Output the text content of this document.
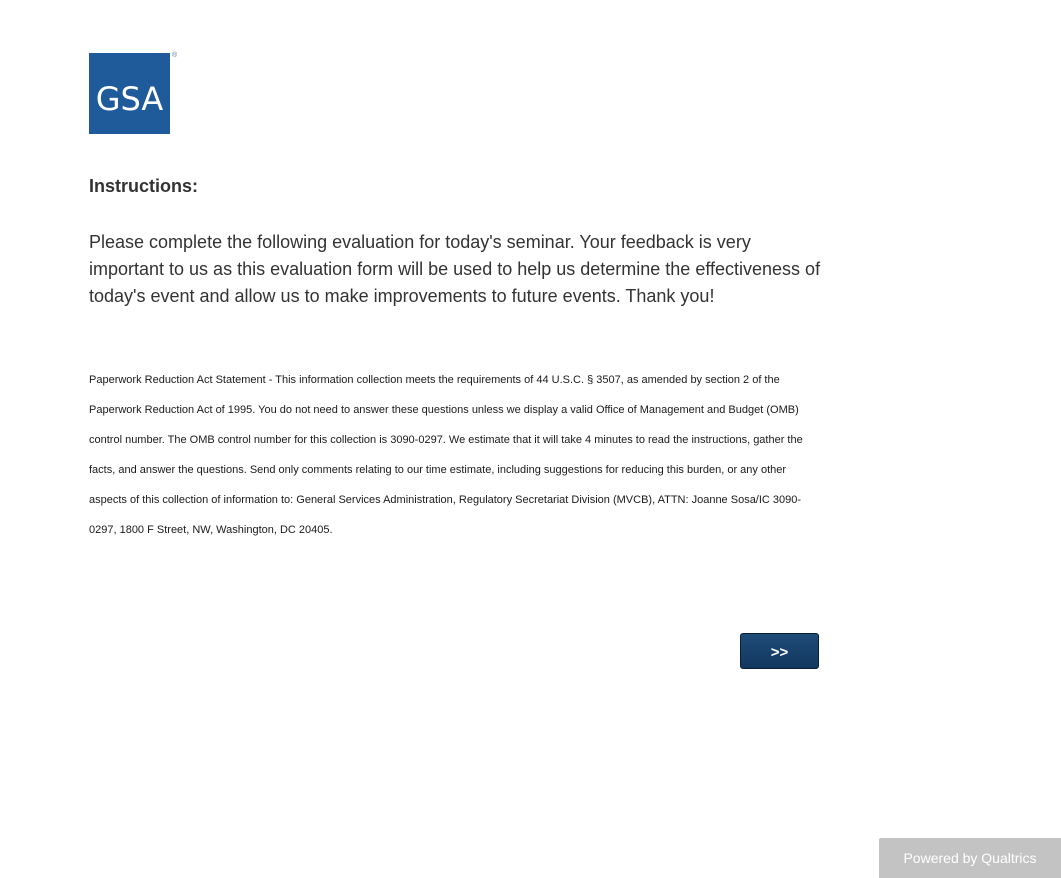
GSA
®
Instructions:

Please complete the following evaluation for today's seminar. Your feedback is very important to us as this evaluation form will be used to help us determine the effectiveness of today's event and allow us to make improvements to future events. Thank you!

Paperwork Reduction Act Statement - This information collection meets the requirements of 44 U.S.C. § 3507, as amended by section 2 of the Paperwork Reduction Act of 1995. You do not need to answer these questions unless we display a valid Office of Management and Budget (OMB) control number. The OMB control number for this collection is 3090-0297. We estimate that it will take 4 minutes to read the instructions, gather the facts, and answer the questions. Send only comments relating to our time estimate, including suggestions for reducing this burden, or any other aspects of this collection of information to: General Services Administration, Regulatory Secretariat Division (MVCB), ATTN: Joanne Sosa/IC 3090-0297, 1800 F Street, NW, Washington, DC 20405.

>>
Powered by Qualtrics
